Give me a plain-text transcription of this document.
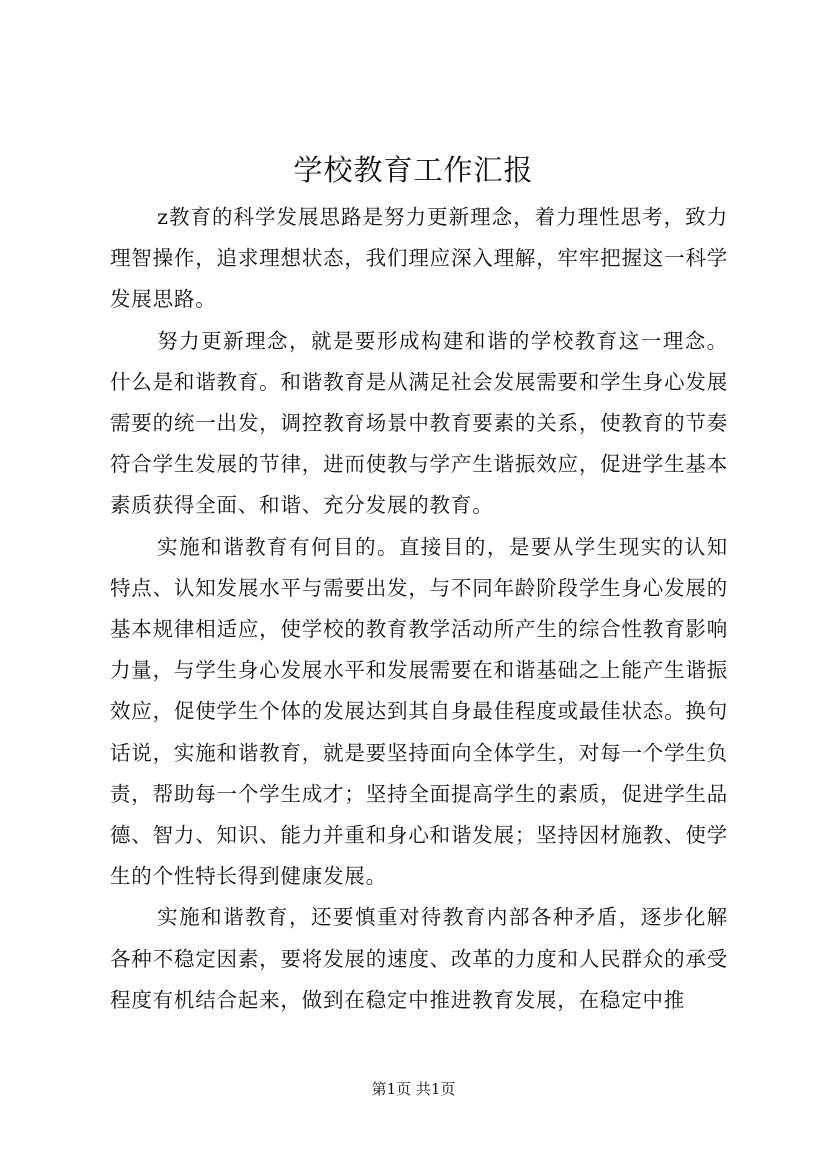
学校教育工作汇报

z教育的科学发展思路是努力更新理念，着力理性思考，致力理智操作，追求理想状态，我们理应深入理解，牢牢把握这一科学发展思路。

努力更新理念，就是要形成构建和谐的学校教育这一理念。什么是和谐教育。和谐教育是从满足社会发展需要和学生身心发展需要的统一出发，调控教育场景中教育要素的关系，使教育的节奏符合学生发展的节律，进而使教与学产生谐振效应，促进学生基本素质获得全面、和谐、充分发展的教育。

实施和谐教育有何目的。直接目的，是要从学生现实的认知特点、认知发展水平与需要出发，与不同年龄阶段学生身心发展的基本规律相适应，使学校的教育教学活动所产生的综合性教育影响力量，与学生身心发展水平和发展需要在和谐基础之上能产生谐振效应，促使学生个体的发展达到其自身最佳程度或最佳状态。换句话说，实施和谐教育，就是要坚持面向全体学生，对每一个学生负责，帮助每一个学生成才；坚持全面提高学生的素质，促进学生品德、智力、知识、能力并重和身心和谐发展；坚持因材施教、使学生的个性特长得到健康发展。

实施和谐教育，还要慎重对待教育内部各种矛盾，逐步化解各种不稳定因素，要将发展的速度、改革的力度和人民群众的承受程度有机结合起来，做到在稳定中推进教育发展，在稳定中推

第1页 共1页
